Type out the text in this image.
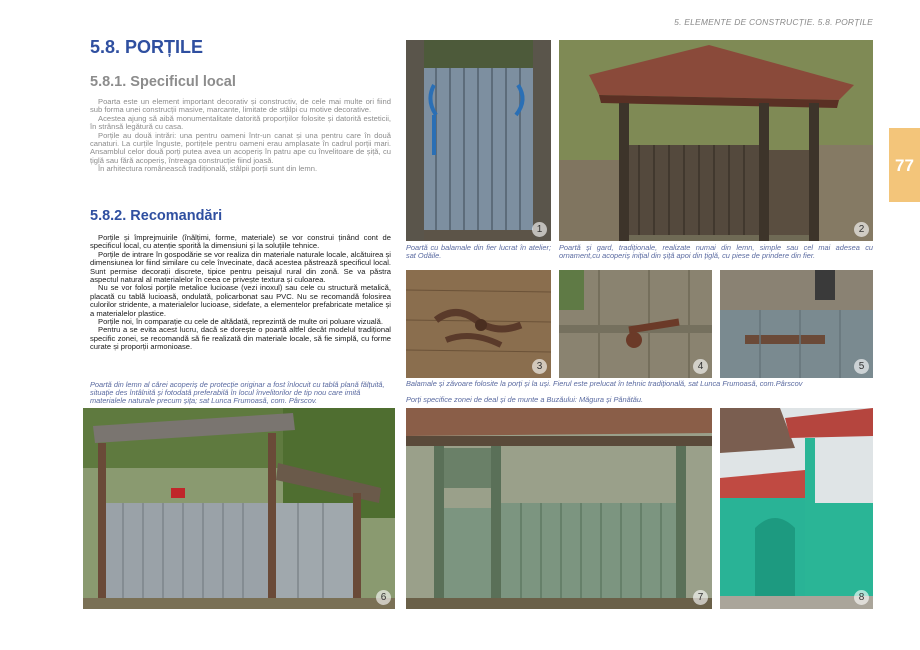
5. ELEMENTE DE CONSTRUCȚIE. 5.8. PORȚILE
77
5.8. PORȚILE
5.8.1. Specificul local

Poarta este un element important decorativ și constructiv, de cele mai multe ori fiind sub forma unei construcții masive, marcante, limitate de stâlpi cu motive decorative.

Acestea ajung să aibă monumentalitate datorită proporțiilor folosite și datorită esteticii, în strânsă legătură cu casa.

Porțile au două intrări: una pentru oameni într-un canat și una pentru care în două canaturi. La curțile înguste, portițele pentru oameni erau amplasate în cadrul porții mari. Ansamblul celor două porți putea avea un acoperiș în patru ape cu învelitoare de șiță, cu țiglă sau fără acoperiș, întreaga construcție fiind joasă.

În arhitectura românească tradițională, stâlpii porții sunt din lemn.

5.8.2. Recomandări

Porțile și împrejmuirile (înălțimi, forme, materiale) se vor construi ținând cont de specificul local, cu atenție sporită la dimensiuni și la soluțiile tehnice.

Porțile de intrare în gospodărie se vor realiza din materiale naturale locale, alcătuirea și dimensiunea lor fiind similare cu cele învecinate, dacă acestea păstrează specificul local. Sunt permise decorații discrete, tipice pentru peisajul rural din zonă. Se va păstra aspectul natural al materialelor în ceea ce privește textura și culoarea.

Nu se vor folosi porțile metalice lucioase (vezi inoxul) sau cele cu structură metalică, placată cu tablă lucioasă, ondulată, policarbonat sau PVC. Nu se recomandă folosirea culorilor stridente, a materialelor lucioase, sidefate, a elementelor prefabricate metalice și a materialelor plastice.

Porțile noi, în comparație cu cele de altădată, reprezintă de multe ori poluare vizuală.

Pentru a se evita acest lucru, dacă se dorește o poartă altfel decât modelul tradițional specific zonei, se recomandă să fie realizată din materiale locale, să fie simplă, cu forme curate și proporții armonioase.

Poartă din lemn al cărei acoperiș de protecție originar a fost înlocuit cu tablă plană fălțuită, situație des întâlnită și fotodată preferabilă în locul învelitorilor de tip nou care imită materialele naturale precum șița; sat Lunca Frumoasă, com. Pârscov.
1	2
Poartă cu balamale din fier lucrat în atelier; sat Odăile.
Poartă și gard, tradiționale, realizate numai din lemn, simple sau cel mai adesea cu ornament,cu acoperiș inițial din șiță apoi din țiglă, cu piese de prindere din fier.
3	4	5
Balamale și zăvoare folosite la porți și la uși. Fierul este prelucat în tehnic tradițională, sat Lunca Frumoasă, com.Pârscov
Porți specifice zonei de deal și de munte a Buzăului: Măgura și Pănătău.
6	7	8
